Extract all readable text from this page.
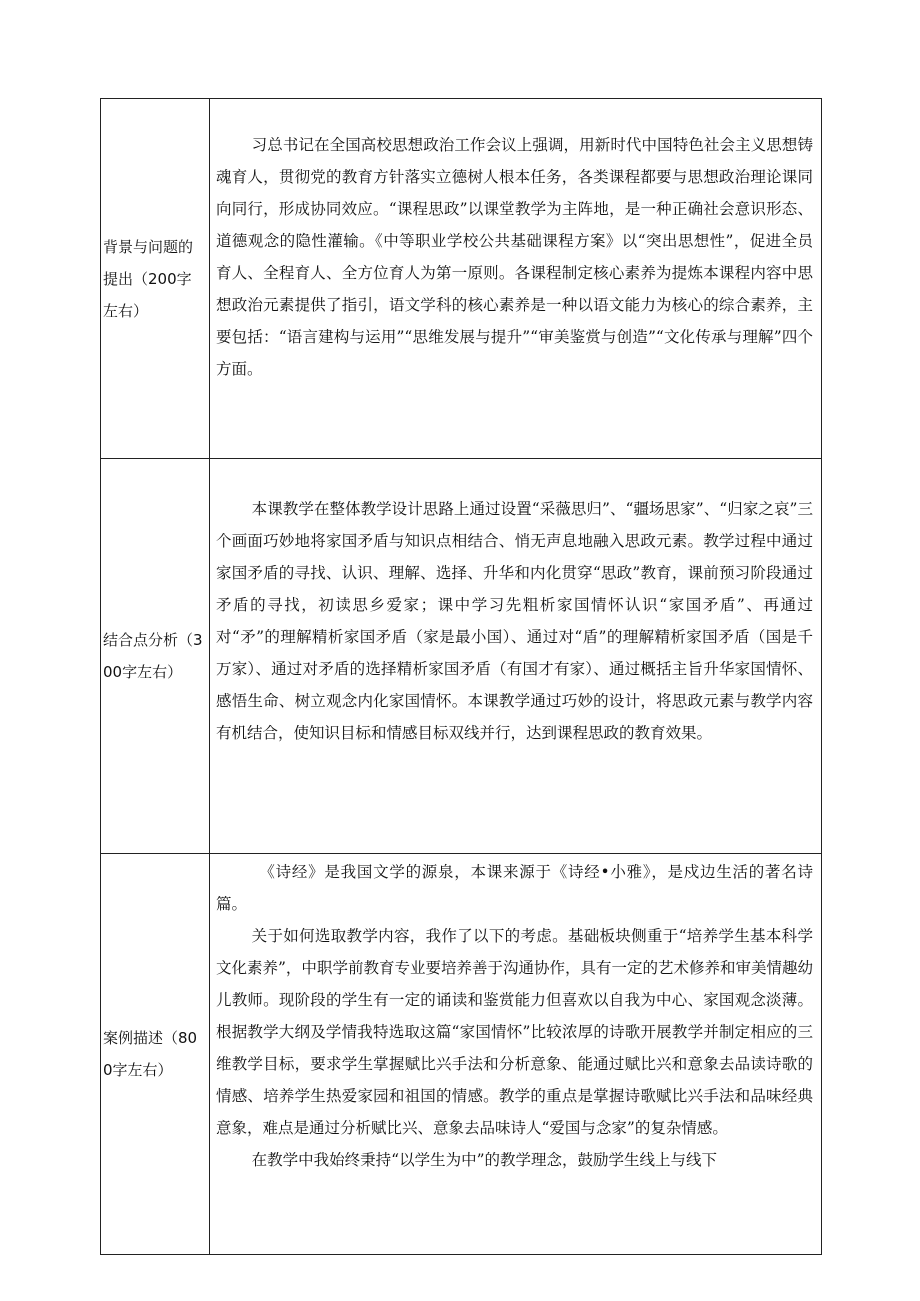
背景与问题的提出（200字左右）	习总书记在全国高校思想政治工作会议上强调，用新时代中国特色社会主义思想铸魂育人，贯彻党的教育方针落实立德树人根本任务，各类课程都要与思想政治理论课同向同行，形成协同效应。“课程思政”以课堂教学为主阵地，是一种正确社会意识形态、道德观念的隐性灌输。《中等职业学校公共基础课程方案》以“突出思想性”，促进全员育人、全程育人、全方位育人为第一原则。各课程制定核心素养为提炼本课程内容中思想政治元素提供了指引，语文学科的核心素养是一种以语文能力为核心的综合素养，主要包括：“语言建构与运用”“思维发展与提升”“审美鉴赏与创造”“文化传承与理解”四个方面。

结合点分析（300字左右）	本课教学在整体教学设计思路上通过设置“采薇思归”、“疆场思家”、“归家之哀”三个画面巧妙地将家国矛盾与知识点相结合、悄无声息地融入思政元素。教学过程中通过家国矛盾的寻找、认识、理解、选择、升华和内化贯穿“思政”教育，课前预习阶段通过矛盾的寻找，初读思乡爱家；课中学习先粗析家国情怀认识“家国矛盾”、再通过对“矛”的理解精析家国矛盾（家是最小国）、通过对“盾”的理解精析家国矛盾（国是千万家）、通过对矛盾的选择精析家国矛盾（有国才有家）、通过概括主旨升华家国情怀、感悟生命、树立观念内化家国情怀。本课教学通过巧妙的设计，将思政元素与教学内容有机结合，使知识目标和情感目标双线并行，达到课程思政的教育效果。

案例描述（800字左右）	《诗经》是我国文学的源泉，本课来源于《诗经•小雅》，是戍边生活的著名诗篇。

关于如何选取教学内容，我作了以下的考虑。基础板块侧重于“培养学生基本科学文化素养”，中职学前教育专业要培养善于沟通协作，具有一定的艺术修养和审美情趣幼儿教师。现阶段的学生有一定的诵读和鉴赏能力但喜欢以自我为中心、家国观念淡薄。根据教学大纲及学情我特选取这篇“家国情怀”比较浓厚的诗歌开展教学并制定相应的三维教学目标，要求学生掌握赋比兴手法和分析意象、能通过赋比兴和意象去品读诗歌的情感、培养学生热爱家园和祖国的情感。教学的重点是掌握诗歌赋比兴手法和品味经典意象，难点是通过分析赋比兴、意象去品味诗人“爱国与念家”的复杂情感。

在教学中我始终秉持“以学生为中”的教学理念，鼓励学生线上与线下
